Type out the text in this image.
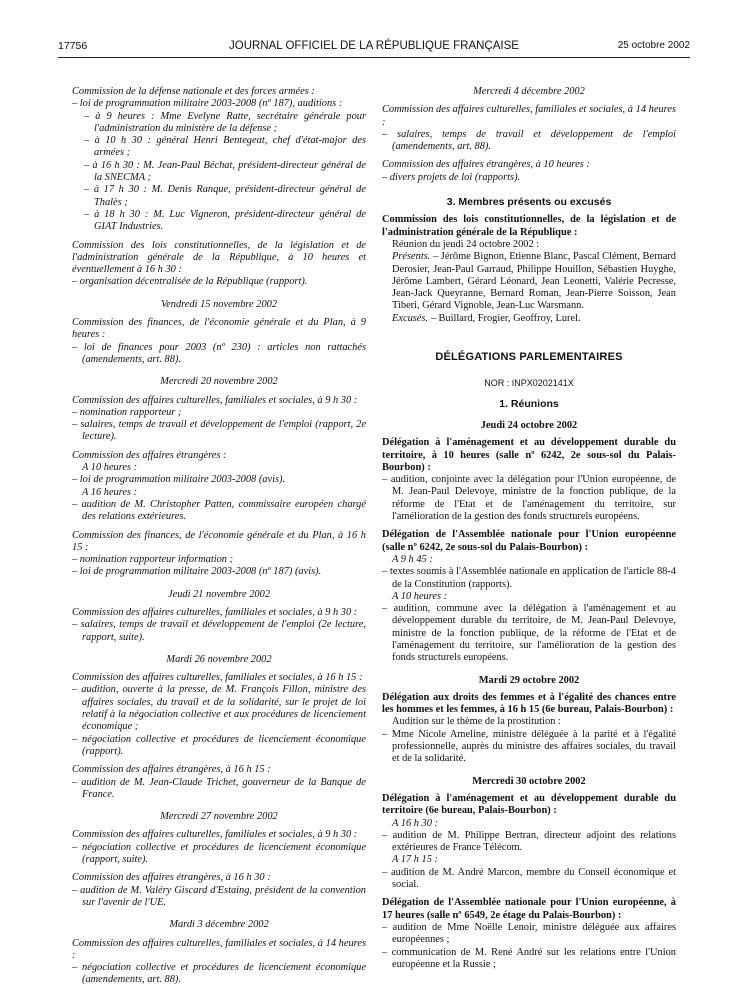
17756	JOURNAL OFFICIEL DE LA RÉPUBLIQUE FRANÇAISE	25 octobre 2002

Commission de la défense nationale et des forces armées :

– loi de programmation militaire 2003-2008 (nº 187), auditions :

– à 9 heures : Mme Evelyne Ratte, secrétaire générale pour l'administration du ministère de la défense ;

– à 10 h 30 : général Henri Bentegeat, chef d'état-major des armées ;

– à 16 h 30 : M. Jean-Paul Béchat, président-directeur général de la SNECMA ;

– à 17 h 30 : M. Denis Ranque, président-directeur général de Thalès ;

– à 18 h 30 : M. Luc Vigneron, président-directeur général de GIAT Industries.

Commission des lois constitutionnelles, de la législation et de l'administration générale de la République, à 10 heures et éventuellement à 16 h 30 :

– organisation décentralisée de la République (rapport).

Vendredi 15 novembre 2002

Commission des finances, de l'économie générale et du Plan, à 9 heures :

– loi de finances pour 2003 (nº 230) : articles non rattachés (amendements, art. 88).

Mercredi 20 novembre 2002

Commission des affaires culturelles, familiales et sociales, à 9 h 30 :

– nomination rapporteur ;

– salaires, temps de travail et développement de l'emploi (rapport, 2e lecture).

Commission des affaires étrangères :

A 10 heures :

– loi de programmation militaire 2003-2008 (avis).

A 16 heures :

– audition de M. Christopher Patten, commissaire européen chargé des relations extérieures.

Commission des finances, de l'économie générale et du Plan, à 16 h 15 :

– nomination rapporteur information ;

– loi de programmation militaire 2003-2008 (nº 187) (avis).

Jeudi 21 novembre 2002

Commission des affaires culturelles, familiales et sociales, à 9 h 30 :

– salaires, temps de travail et développement de l'emploi (2e lecture, rapport, suite).

Mardi 26 novembre 2002

Commission des affaires culturelles, familiales et sociales, à 16 h 15 :

– audition, ouverte à la presse, de M. François Fillon, ministre des affaires sociales, du travail et de la solidarité, sur le projet de loi relatif à la négociation collective et aux procédures de licenciement économique ;

– négociation collective et procédures de licenciement économique (rapport).

Commission des affaires étrangères, à 16 h 15 :

– audition de M. Jean-Claude Trichet, gouverneur de la Banque de France.

Mercredi 27 novembre 2002

Commission des affaires culturelles, familiales et sociales, à 9 h 30 :

– négociation collective et procédures de licenciement économique (rapport, suite).

Commission des affaires étrangères, à 16 h 30 :

– audition de M. Valéry Giscard d'Estaing, président de la convention sur l'avenir de l'UE.

Mardi 3 décembre 2002

Commission des affaires culturelles, familiales et sociales, à 14 heures :

– négociation collective et procédures de licenciement économique (amendements, art. 88).

Mercredi 4 décembre 2002

Commission des affaires culturelles, familiales et sociales, à 14 heures :

– salaires, temps de travail et développement de l'emploi (amendements, art. 88).

Commission des affaires étrangères, à 10 heures :

– divers projets de loi (rapports).

3. Membres présents ou excusés

Commission des lois constitutionnelles, de la législation et de l'administration générale de la République :

Réunion du jeudi 24 octobre 2002 :

Présents. – Jérôme Bignon, Etienne Blanc, Pascal Clément, Bernard Derosier, Jean-Paul Garraud, Philippe Houillon, Sébastien Huyghe, Jérôme Lambert, Gérard Léonard, Jean Leonetti, Valérie Pecresse, Jean-Jack Queyranne, Bernard Roman, Jean-Pierre Soisson, Jean Tiberi, Gérard Vignoble, Jean-Luc Warsmann.

Excusés. – Buillard, Frogier, Geoffroy, Lurel.

DÉLÉGATIONS PARLEMENTAIRES

NOR : INPX0202141X

1. Réunions

Jeudi 24 octobre 2002

Délégation à l'aménagement et au développement durable du territoire, à 10 heures (salle nº 6242, 2e sous-sol du Palais-Bourbon) :

– audition, conjointe avec la délégation pour l'Union européenne, de M. Jean-Paul Delevoye, ministre de la fonction publique, de la réforme de l'Etat et de l'aménagement du territoire, sur l'amélioration de la gestion des fonds structurels européens.

Délégation de l'Assemblée nationale pour l'Union européenne (salle nº 6242, 2e sous-sol du Palais-Bourbon) :

A 9 h 45 :

– textes soumis à l'Assemblée nationale en application de l'article 88-4 de la Constitution (rapports).

A 10 heures :

– audition, commune avec la délégation à l'aménagement et au développement durable du territoire, de M. Jean-Paul Delevoye, ministre de la fonction publique, de la réforme de l'Etat et de l'aménagement du territoire, sur l'amélioration de la gestion des fonds structurels européens.

Mardi 29 octobre 2002

Délégation aux droits des femmes et à l'égalité des chances entre les hommes et les femmes, à 16 h 15 (6e bureau, Palais-Bourbon) :

Audition sur le thème de la prostitution :

– Mme Nicole Ameline, ministre déléguée à la parité et à l'égalité professionnelle, auprès du ministre des affaires sociales, du travail et de la solidarité.

Mercredi 30 octobre 2002

Délégation à l'aménagement et au développement durable du territoire (6e bureau, Palais-Bourbon) :

A 16 h 30 :

– audition de M. Philippe Bertran, directeur adjoint des relations extérieures de France Télécom.

A 17 h 15 :

– audition de M. André Marcon, membre du Conseil économique et social.

Délégation de l'Assemblée nationale pour l'Union européenne, à 17 heures (salle nº 6549, 2e étage du Palais-Bourbon) :

– audition de Mme Noëlle Lenoir, ministre déléguée aux affaires européennes ;

– communication de M. René André sur les relations entre l'Union européenne et la Russie ;
